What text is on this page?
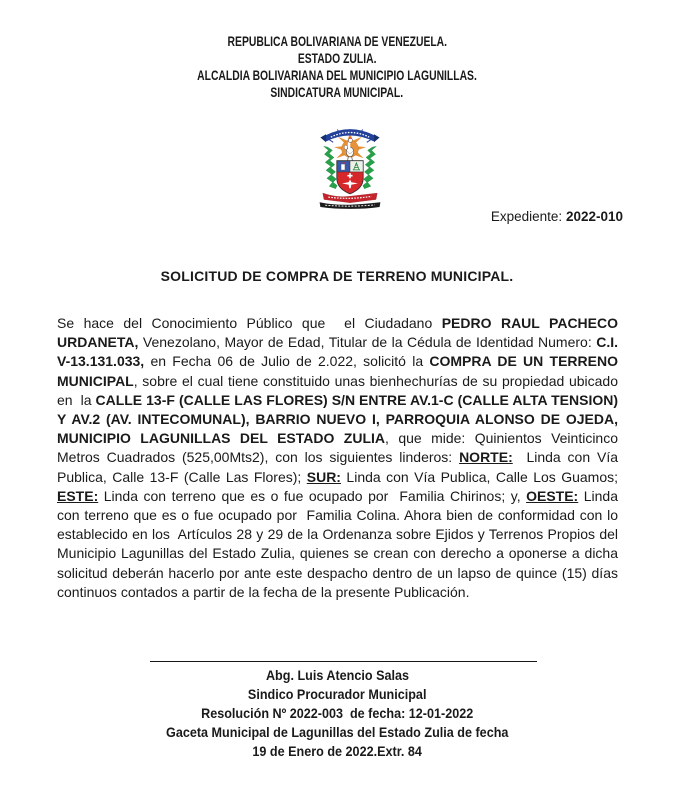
REPUBLICA BOLIVARIANA DE VENEZUELA.
ESTADO ZULIA.
ALCALDIA BOLIVARIANA DEL MUNICIPIO LAGUNILLAS.
SINDICATURA MUNICIPAL.
Expediente: 2022-010
SOLICITUD DE COMPRA DE TERRENO MUNICIPAL.

Se hace del Conocimiento Público que  el Ciudadano PEDRO RAUL PACHECO URDANETA, Venezolano, Mayor de Edad, Titular de la Cédula de Identidad Numero: C.I. V-13.131.033, en Fecha 06 de Julio de 2.022, solicitó la COMPRA DE UN TERRENO MUNICIPAL, sobre el cual tiene constituido unas bienhechurías de su propiedad ubicado en  la CALLE 13-F (CALLE LAS FLORES) S/N ENTRE AV.1-C (CALLE ALTA TENSION) Y AV.2 (AV. INTECOMUNAL), BARRIO NUEVO I, PARROQUIA ALONSO DE OJEDA, MUNICIPIO LAGUNILLAS DEL ESTADO ZULIA, que mide: Quinientos Veinticinco Metros Cuadrados (525,00Mts2), con los siguientes linderos: NORTE:  Linda con Vía Publica, Calle 13-F (Calle Las Flores); SUR: Linda con Vía Publica, Calle Los Guamos; ESTE: Linda con terreno que es o fue ocupado por  Familia Chirinos; y, OESTE: Linda con terreno que es o fue ocupado por  Familia Colina. Ahora bien de conformidad con lo establecido en los  Artículos 28 y 29 de la Ordenanza sobre Ejidos y Terrenos Propios del Municipio Lagunillas del Estado Zulia, quienes se crean con derecho a oponerse a dicha solicitud deberán hacerlo por ante este despacho dentro de un lapso de quince (15) días continuos contados a partir de la fecha de la presente Publicación.

Abg. Luis Atencio Salas
Sindico Procurador Municipal
Resolución Nº 2022-003  de fecha: 12-01-2022
Gaceta Municipal de Lagunillas del Estado Zulia de fecha
19 de Enero de 2022.Extr. 84
